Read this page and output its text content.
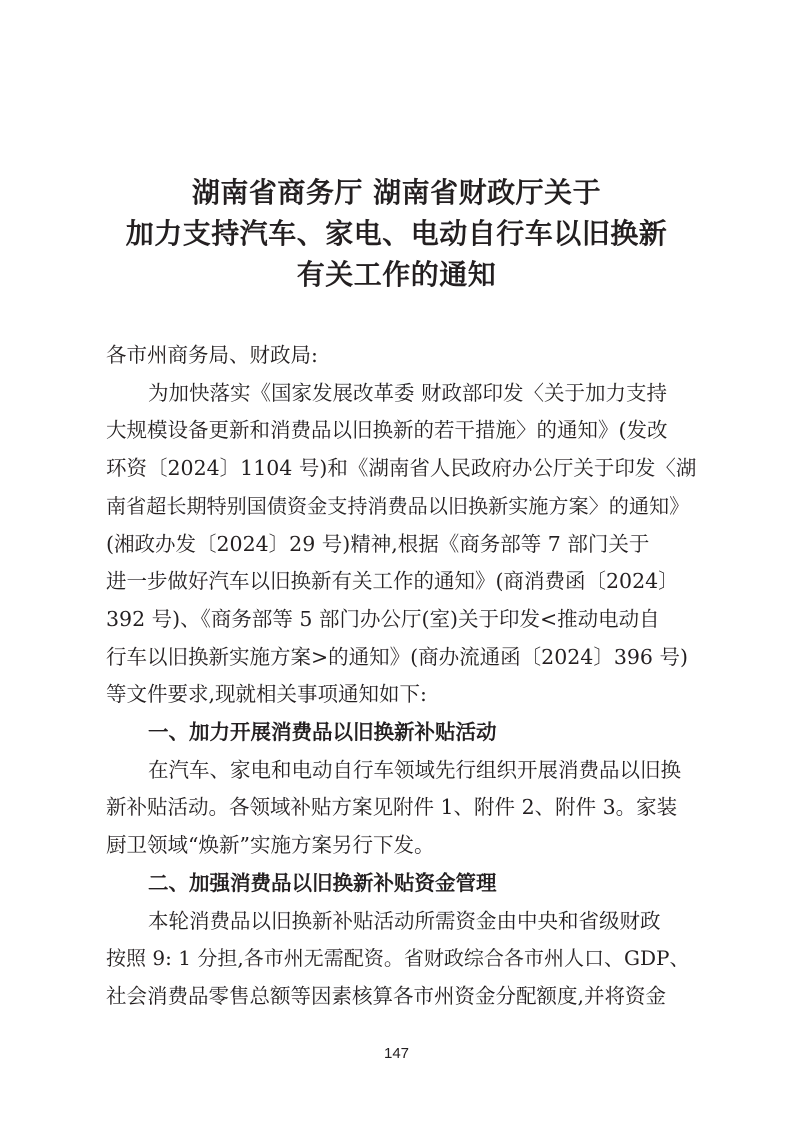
湖南省商务厅 湖南省财政厅关于
加力支持汽车、家电、电动自行车以旧换新
有关工作的通知
各市州商务局、财政局:
为加快落实《国家发展改革委 财政部印发〈关于加力支持
大规模设备更新和消费品以旧换新的若干措施〉的通知》(发改
环资〔2024〕1104 号)和《湖南省人民政府办公厅关于印发〈湖
南省超长期特别国债资金支持消费品以旧换新实施方案〉的通知》
(湘政办发〔2024〕29 号)精神,根据《商务部等 7 部门关于
进一步做好汽车以旧换新有关工作的通知》(商消费函〔2024〕
392 号)、《商务部等 5 部门办公厅(室)关于印发<推动电动自
行车以旧换新实施方案>的通知》(商办流通函〔2024〕396 号)
等文件要求,现就相关事项通知如下:
一、加力开展消费品以旧换新补贴活动
在汽车、家电和电动自行车领域先行组织开展消费品以旧换
新补贴活动。各领域补贴方案见附件 1、附件 2、附件 3。家装
厨卫领域“焕新”实施方案另行下发。
二、加强消费品以旧换新补贴资金管理
本轮消费品以旧换新补贴活动所需资金由中央和省级财政
按照 9: 1 分担,各市州无需配资。省财政综合各市州人口、GDP、
社会消费品零售总额等因素核算各市州资金分配额度,并将资金
147
